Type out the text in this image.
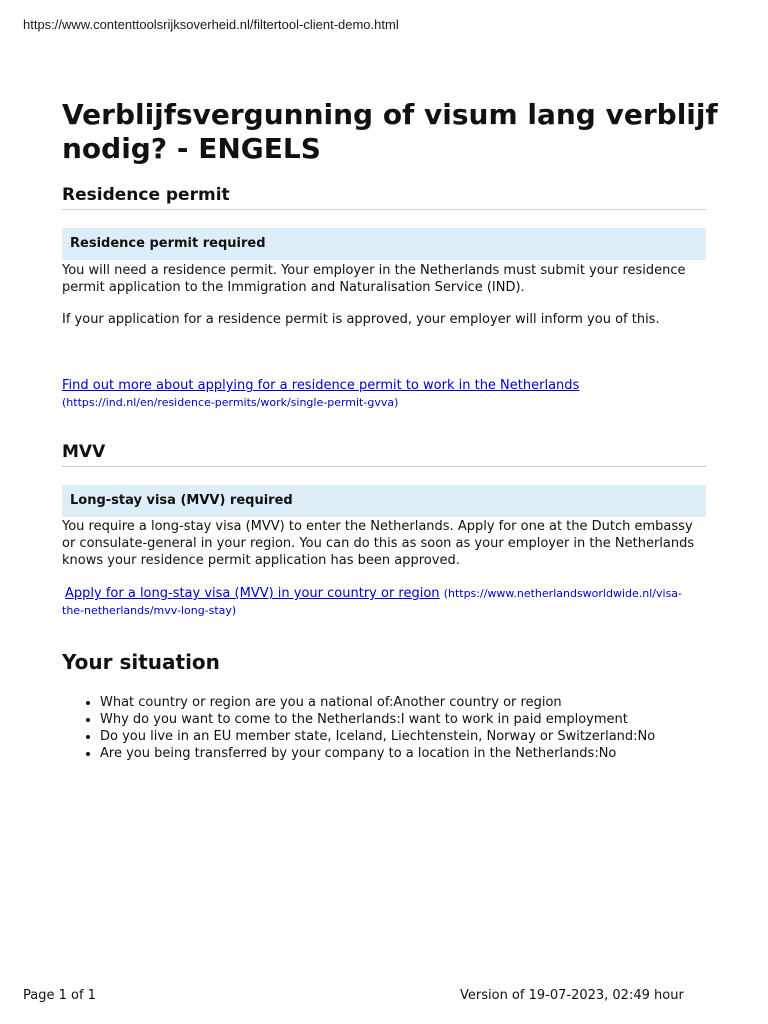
https://www.contenttoolsrijksoverheid.nl/filtertool-client-demo.html
Verblijfsvergunning of visum lang verblijf nodig? - ENGELS
Residence permit
Residence permit required

You will need a residence permit. Your employer in the Netherlands must submit your residence permit application to the Immigration and Naturalisation Service (IND).

If your application for a residence permit is approved, your employer will inform you of this.

Find out more about applying for a residence permit to work in the Netherlands (https://ind.nl/en/residence-permits/work/single-permit-gvva)
MVV
Long-stay visa (MVV) required

You require a long-stay visa (MVV) to enter the Netherlands. Apply for one at the Dutch embassy or consulate-general in your region. You can do this as soon as your employer in the Netherlands knows your residence permit application has been approved.

Apply for a long-stay visa (MVV) in your country or region (https://www.netherlandsworldwide.nl/visa-the-netherlands/mvv-long-stay)
Your situation
• What country or region are you a national of:Another country or region
• Why do you want to come to the Netherlands:I want to work in paid employment
• Do you live in an EU member state, Iceland, Liechtenstein, Norway or Switzerland:No
• Are you being transferred by your company to a location in the Netherlands:No
Page 1 of 1	Version of 19-07-2023, 02:49 hour
